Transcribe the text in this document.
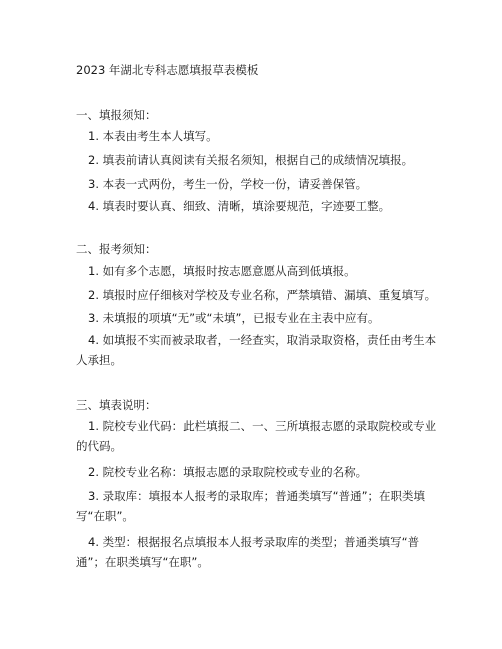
2023 年湖北专科志愿填报草表模板
一、填报须知：
1. 本表由考生本人填写。
2. 填表前请认真阅读有关报名须知，根据自己的成绩情况填报。
3. 本表一式两份，考生一份，学校一份，请妥善保管。
4. 填表时要认真、细致、清晰，填涂要规范，字迹要工整。
二、报考须知：
1. 如有多个志愿，填报时按志愿意愿从高到低填报。
2. 填报时应仔细核对学校及专业名称，严禁填错、漏填、重复填写。
3. 未填报的项填“无”或“未填”，已报专业在主表中应有。
4. 如填报不实而被录取者，一经查实，取消录取资格，责任由考生本人承担。
三、填表说明：
1. 院校专业代码：此栏填报二、一、三所填报志愿的录取院校或专业的代码。
2. 院校专业名称：填报志愿的录取院校或专业的名称。
3. 录取库：填报本人报考的录取库；普通类填写“普通”；在职类填写“在职”。
4. 类型：根据报名点填报本人报考录取库的类型；普通类填写“普通”；在职类填写“在职”。
